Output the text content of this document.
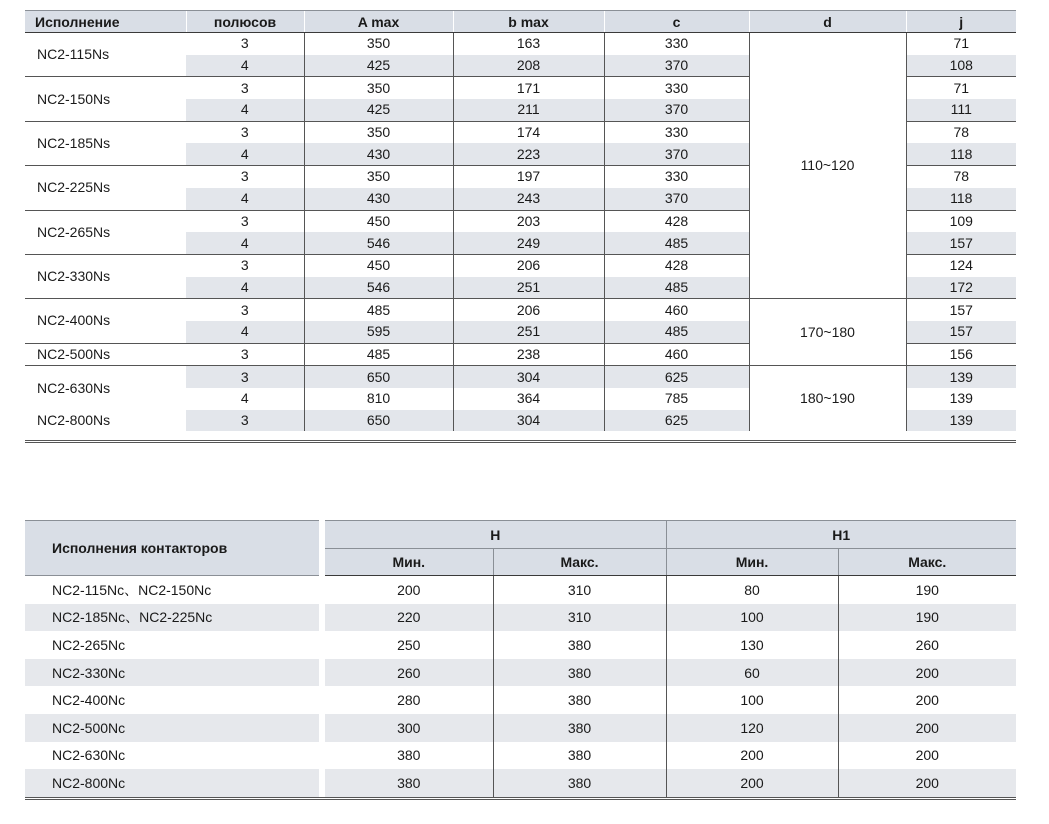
Исполнение	полюсов	A max	b max	c	d	j
NC2-115Ns	3	350	163	330	110~120	71
	4	425	208	370		108
NC2-150Ns	3	350	171	330		71
	4	425	211	370		111
NC2-185Ns	3	350	174	330		78
	4	430	223	370		118
NC2-225Ns	3	350	197	330		78
	4	430	243	370		118
NC2-265Ns	3	450	203	428		109
	4	546	249	485		157
NC2-330Ns	3	450	206	428		124
	4	546	251	485		172
NC2-400Ns	3	485	206	460	170~180	157
	4	595	251	485		157
NC2-500Ns	3	485	238	460		156
NC2-630Ns	3	650	304	625	180~190	139
	4	810	364	785		139
NC2-800Ns	3	650	304	625		139
Исполнения контакторов	H		H1	
	Мин.	Макс.	Мин.	Макс.
NC2-115Nc、NC2-150Nc	200	310	80	190
NC2-185Nc、NC2-225Nc	220	310	100	190
NC2-265Nc	250	380	130	260
NC2-330Nc	260	380	60	200
NC2-400Nc	280	380	100	200
NC2-500Nc	300	380	120	200
NC2-630Nc	380	380	200	200
NC2-800Nc	380	380	200	200
